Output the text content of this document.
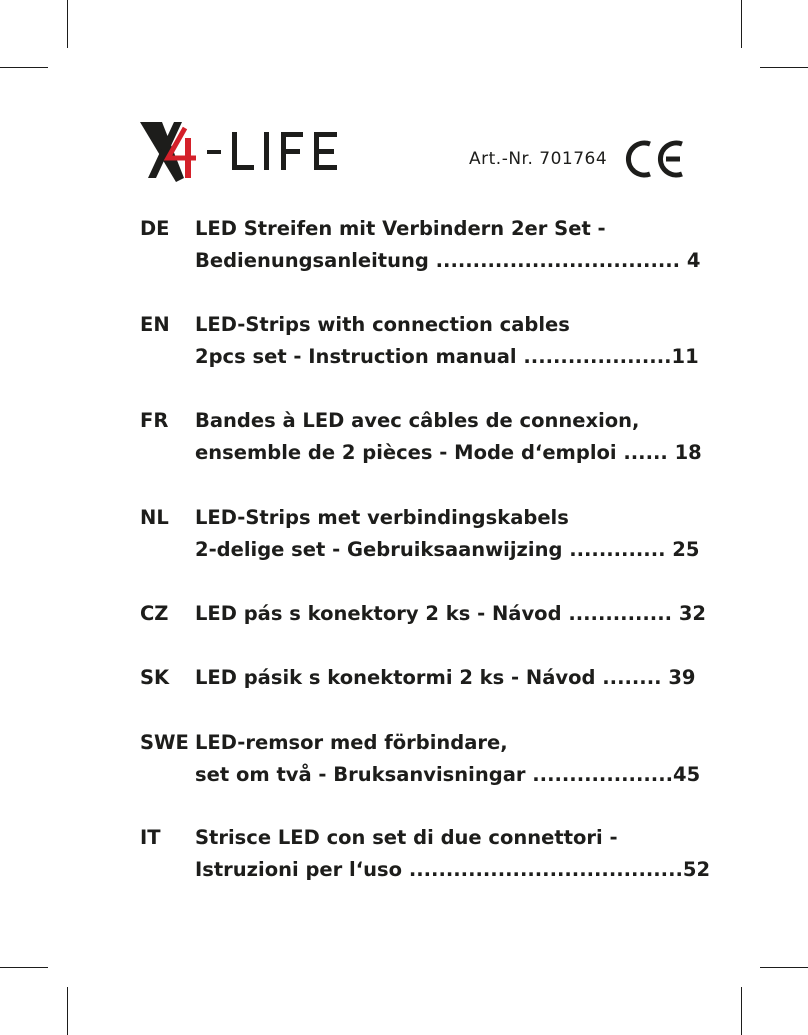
Art.-Nr. 701764
DE LED Streifen mit Verbindern 2er Set -
Bedienungsanleitung ................................. 4
EN LED-Strips with connection cables
2pcs set - Instruction manual ....................11
FR Bandes à LED avec câbles de connexion,
ensemble de 2 pièces - Mode d‘emploi ...... 18
NL LED-Strips met verbindingskabels
2-delige set - Gebruiksaanwijzing ............. 25
CZ LED pás s konektory 2 ks - Návod .............. 32
SK LED pásik s konektormi 2 ks - Návod ........ 39
SWE LED-remsor med förbindare,
set om två - Bruksanvisningar ...................45
IT Strisce LED con set di due connettori -
Istruzioni per l‘uso .....................................52
